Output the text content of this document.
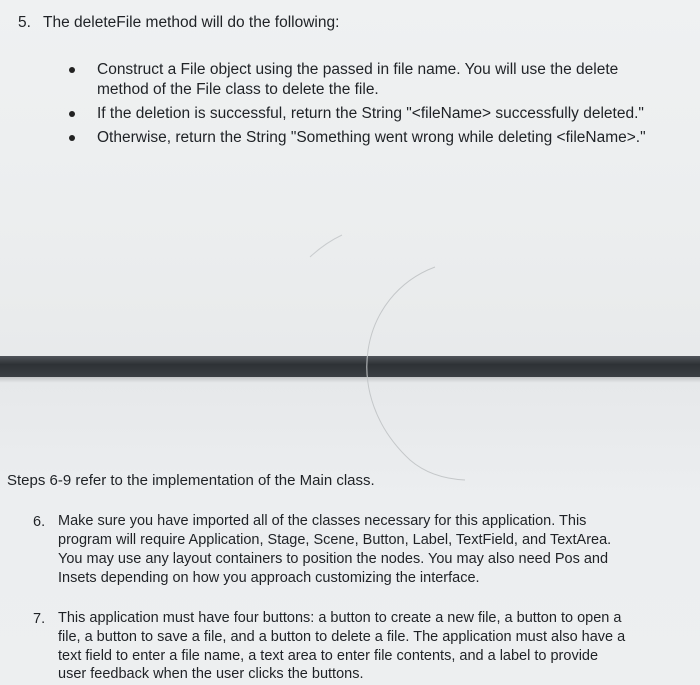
5. The deleteFile method will do the following:
Construct a File object using the passed in file name. You will use the delete
method of the File class to delete the file.
If the deletion is successful, return the String "<fileName> successfully deleted."
Otherwise, return the String "Something went wrong while deleting <fileName>."
Steps 6-9 refer to the implementation of the Main class.
6. Make sure you have imported all of the classes necessary for this application. This
program will require Application, Stage, Scene, Button, Label, TextField, and TextArea.
You may use any layout containers to position the nodes. You may also need Pos and
Insets depending on how you approach customizing the interface.
7. This application must have four buttons: a button to create a new file, a button to open a
file, a button to save a file, and a button to delete a file. The application must also have a
text field to enter a file name, a text area to enter file contents, and a label to provide
user feedback when the user clicks the buttons.
